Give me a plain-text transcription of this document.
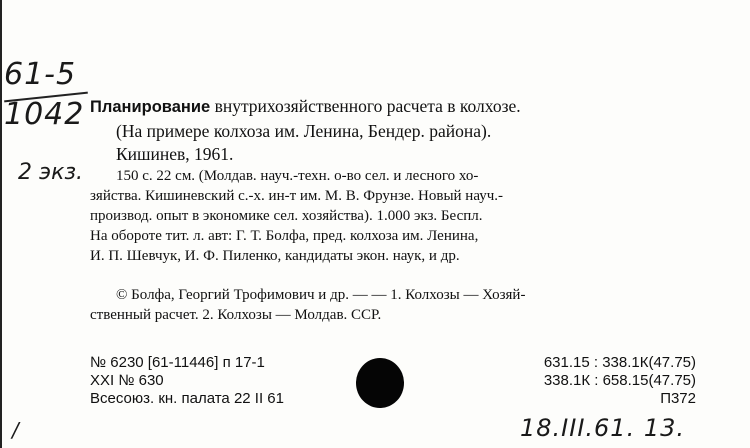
61-5
1042
2 экз.
Планирование внутрихозяйственного расчета в колхозе.
(На примере колхоза им. Ленина, Бендер. района).
Кишинев, 1961.
150 с. 22 см. (Молдав. науч.-техн. о-во сел. и лесного хо-
зяйства. Кишиневский с.-х. ин-т им. М. В. Фрунзе. Новый науч.-
производ. опыт в экономике сел. хозяйства). 1.000 экз. Беспл.
На обороте тит. л. авт: Г. Т. Болфа, пред. колхоза им. Ленина,
И. П. Шевчук, И. Ф. Пиленко, кандидаты экон. наук, и др.
© Болфа, Георгий Трофимович и др. — — 1. Колхозы — Хозяй-
ственный расчет. 2. Колхозы — Молдав. ССР.
№ 6230 [61-11446] п 17-1
XXI № 630
Всесоюз. кн. палата 22 II 61
631.15 : 338.1К(47.75)
338.1К : 658.15(47.75)
П372
18.III.61. 13.
/
